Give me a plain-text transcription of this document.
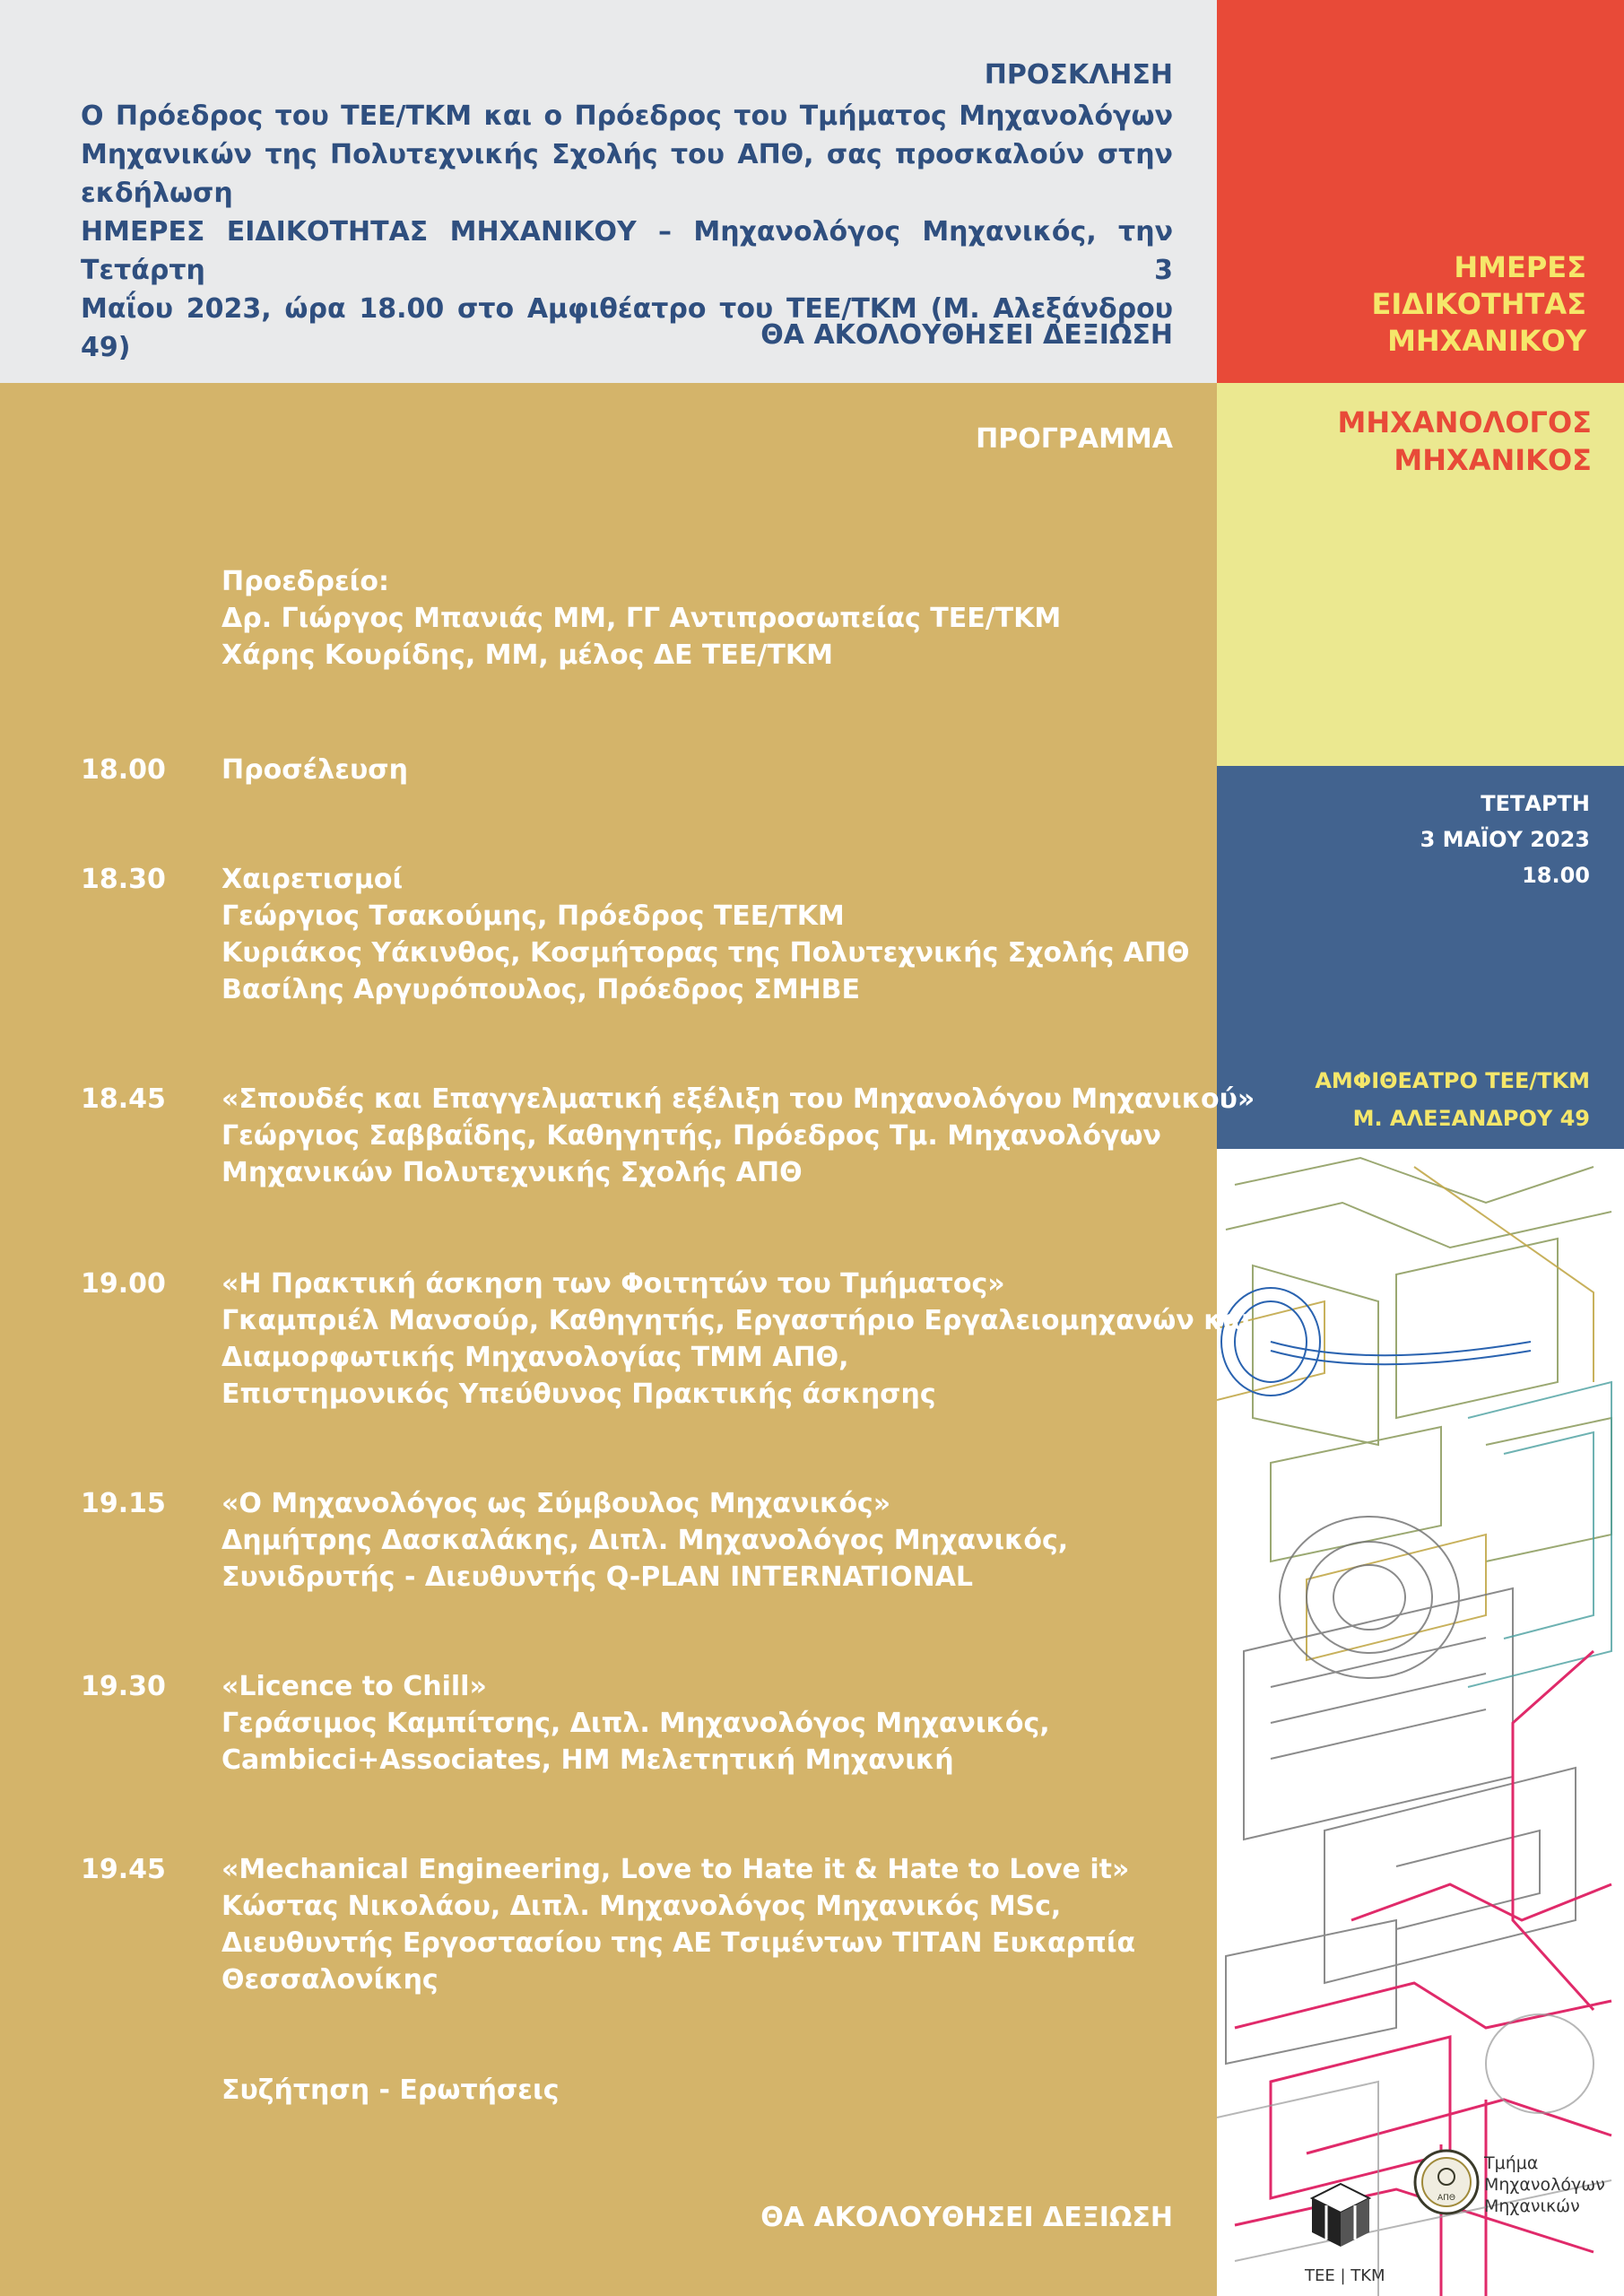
ΠΡΟΣΚΛΗΣΗ
Ο Πρόεδρος του ΤΕΕ/ΤΚΜ και ο Πρόεδρος του Τμήματος Μηχανολόγων
Μηχανικών της Πολυτεχνικής Σχολής του ΑΠΘ, σας προσκαλούν στην εκδήλωση
ΗΜΕΡΕΣ ΕΙΔΙΚΟΤΗΤΑΣ ΜΗΧΑΝΙΚΟΥ – Μηχανολόγος Μηχανικός, την Τετάρτη 3
Μαΐου 2023, ώρα 18.00 στο Αμφιθέατρο του ΤΕΕ/ΤΚΜ (Μ. Αλεξάνδρου 49)	ΘΑ ΑΚΟΛΟΥΘΗΣΕΙ ΔΕΞΙΩΣΗ
ΠΡΟΓΡΑΜΜΑ
Προεδρείο:
Δρ. Γιώργος Μπανιάς ΜΜ, ΓΓ Αντιπροσωπείας ΤΕΕ/ΤΚΜ
Χάρης Κουρίδης, ΜΜ, μέλος ΔΕ ΤΕΕ/ΤΚΜ
18.00 Προσέλευση
18.30 Χαιρετισμοί
Γεώργιος Τσακούμης, Πρόεδρος ΤΕΕ/ΤΚΜ
Κυριάκος Υάκινθος, Κοσμήτορας της Πολυτεχνικής Σχολής ΑΠΘ
Βασίλης Αργυρόπουλος, Πρόεδρος ΣΜΗΒΕ
18.45 «Σπουδές και Επαγγελματική εξέλιξη του Μηχανολόγου Μηχανικού»
Γεώργιος Σαββαΐδης, Καθηγητής, Πρόεδρος Τμ. Μηχανολόγων
Μηχανικών Πολυτεχνικής Σχολής ΑΠΘ
19.00 «Η Πρακτική άσκηση των Φοιτητών του Τμήματος»
Γκαμπριέλ Μανσούρ, Καθηγητής, Εργαστήριο Εργαλειομηχανών και
Διαμορφωτικής Μηχανολογίας ΤΜΜ ΑΠΘ,
Επιστημονικός Υπεύθυνος Πρακτικής άσκησης
19.15 «Ο Μηχανολόγος ως Σύμβουλος Μηχανικός»
Δημήτρης Δασκαλάκης, Διπλ. Μηχανολόγος Μηχανικός,
Συνιδρυτής - Διευθυντής Q-PLAN INTERNATIONAL
19.30 «Licence to Chill»
Γεράσιμος Καμπίτσης, Διπλ. Μηχανολόγος Μηχανικός,
Cambicci+Associates, ΗΜ Μελετητική Μηχανική
19.45 «Mechanical Engineering, Love to Hate it & Hate to Love it»
Κώστας Νικολάου, Διπλ. Μηχανολόγος Μηχανικός MSc,
Διευθυντής Εργοστασίου της ΑΕ Τσιμέντων ΤΙΤΑΝ Ευκαρπία
Θεσσαλονίκης
Συζήτηση - Ερωτήσεις
ΘΑ ΑΚΟΛΟΥΘΗΣΕΙ ΔΕΞΙΩΣΗ
ΗΜΕΡΕΣ
ΕΙΔΙΚΟΤΗΤΑΣ
ΜΗΧΑΝΙΚΟΥ
ΜΗΧΑΝΟΛΟΓΟΣ
ΜΗΧΑΝΙΚΟΣ
ΤΕΤΑΡΤΗ
3 ΜΑΪΟΥ 2023
18.00
ΑΜΦΙΘΕΑΤΡΟ ΤΕΕ/ΤΚΜ
Μ. ΑΛΕΞΑΝΔΡΟΥ 49
ΤΕΕ | ΤΚΜ
ΑΠΘ
Τμήμα
Μηχανολόγων
Μηχανικών
